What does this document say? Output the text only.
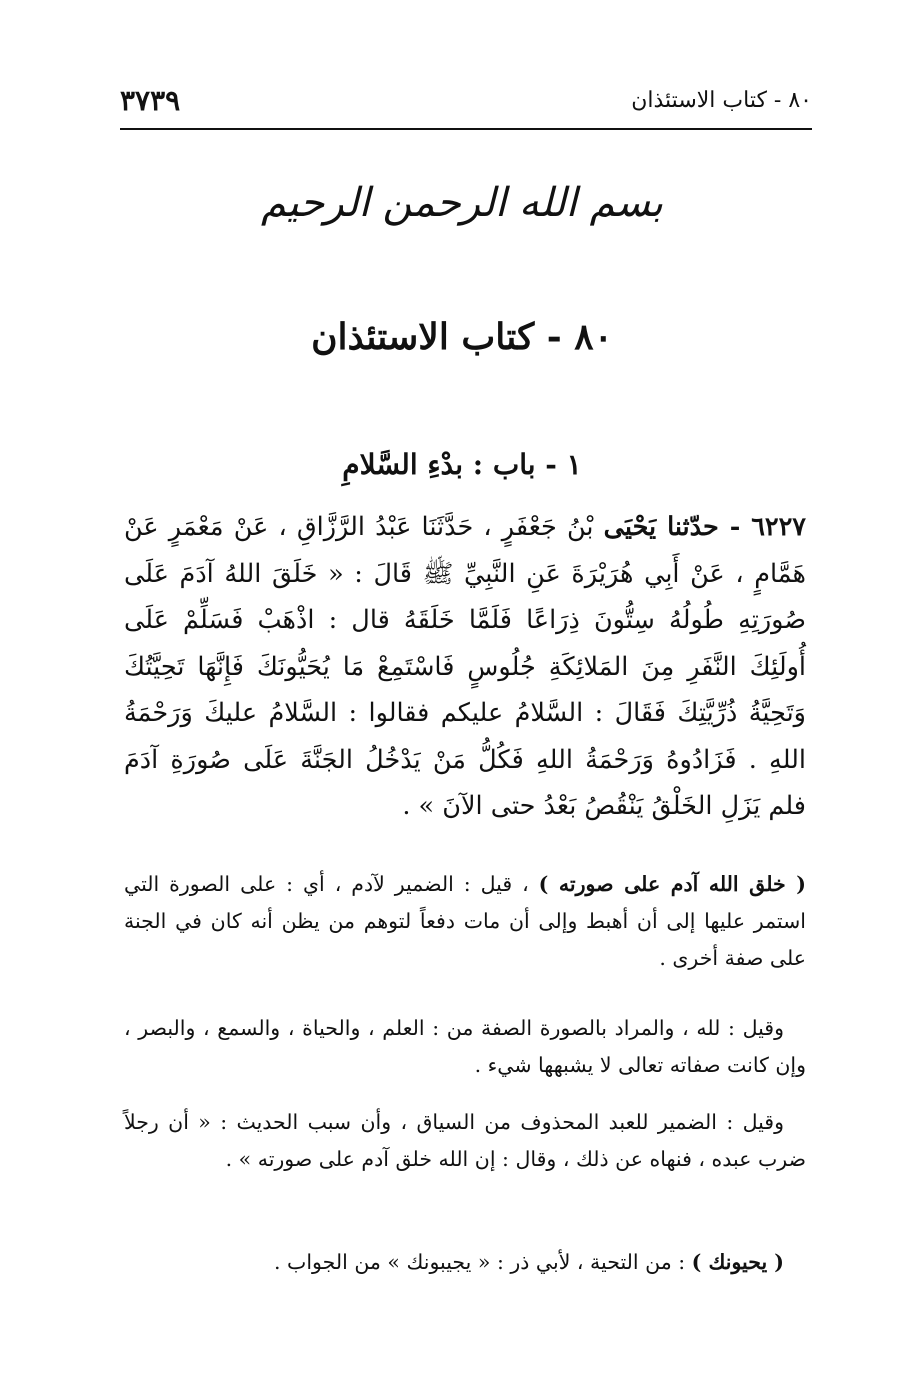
٨٠ - كتاب الاستئذان
٣٧٣٩
بسم الله الرحمن الرحيم
٨٠ - كتاب الاستئذان
١ - باب : بدْءِ السَّلامِ
٦٢٢٧ - حدّثنا يَحْيَى بْنُ جَعْفَرٍ ، حَدَّثَنَا عَبْدُ الرَّزَّاقِ ، عَنْ مَعْمَرٍ عَنْ هَمَّامٍ ، عَنْ أَبِي هُرَيْرَةَ عَنِ النَّبِيِّ ﷺ قَالَ : « خَلَقَ اللهُ آدَمَ عَلَى صُورَتِهِ طُولُهُ سِتُّونَ ذِرَاعًا فَلَمَّا خَلَقَهُ قال : اذْهَبْ فَسَلِّمْ عَلَى أُولَئِكَ النَّفَرِ مِنَ المَلائِكَةِ جُلُوسٍ فَاسْتَمِعْ مَا يُحَيُّونَكَ فَإِنَّهَا تَحِيَّتُكَ وَتَحِيَّةُ ذُرِّيَّتِكَ فَقَالَ : السَّلامُ عليكم فقالوا : السَّلامُ عليكَ وَرَحْمَةُ اللهِ . فَزَادُوهُ وَرَحْمَةُ اللهِ فَكُلُّ مَنْ يَدْخُلُ الجَنَّةَ عَلَى صُورَةِ آدَمَ فلم يَزَلِ الخَلْقُ يَنْقُصُ بَعْدُ حتى الآنَ » .

( خلق الله آدم على صورته ) ، قيل : الضمير لآدم ، أي : على الصورة التي استمر عليها إلى أن أهبط وإلى أن مات دفعاً لتوهم من يظن أنه كان في الجنة على صفة أخرى .

وقيل : لله ، والمراد بالصورة الصفة من : العلم ، والحياة ، والسمع ، والبصر ، وإن كانت صفاته تعالى لا يشبهها شيء .

وقيل : الضمير للعبد المحذوف من السياق ، وأن سبب الحديث : « أن رجلاً ضرب عبده ، فنهاه عن ذلك ، وقال : إن الله خلق آدم على صورته » .

( يحيونك ) : من التحية ، لأبي ذر : « يجيبونك » من الجواب .
